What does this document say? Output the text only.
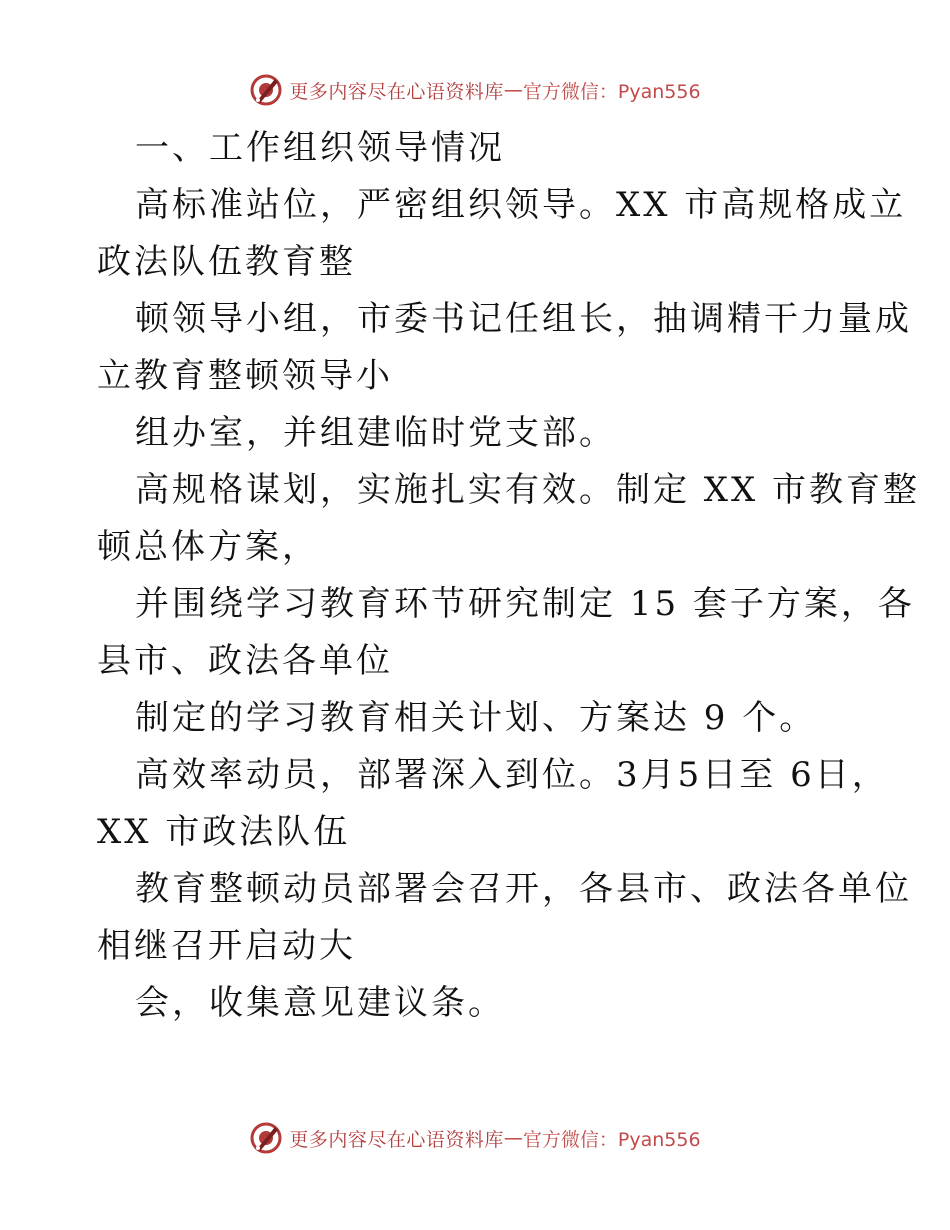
更多内容尽在心语资料库 — 官方微信：Pyan556
一、工作组织领导情况
高标准站位，严密组织领导。XX 市高规格成立
政法队伍教育整
顿领导小组，市委书记任组长，抽调精干力量成
立教育整顿领导小
组办室，并组建临时党支部。
高规格谋划，实施扎实有效。制定 XX 市教育整
顿总体方案，
并围绕学习教育环节研究制定 15 套子方案，各
县市、政法各单位
制定的学习教育相关计划、方案达 9 个。
高效率动员，部署深入到位。3月5日至 6日，
XX 市政法队伍
教育整顿动员部署会召开，各县市、政法各单位
相继召开启动大
会，收集意见建议条。
更多内容尽在心语资料库 — 官方微信：Pyan556
